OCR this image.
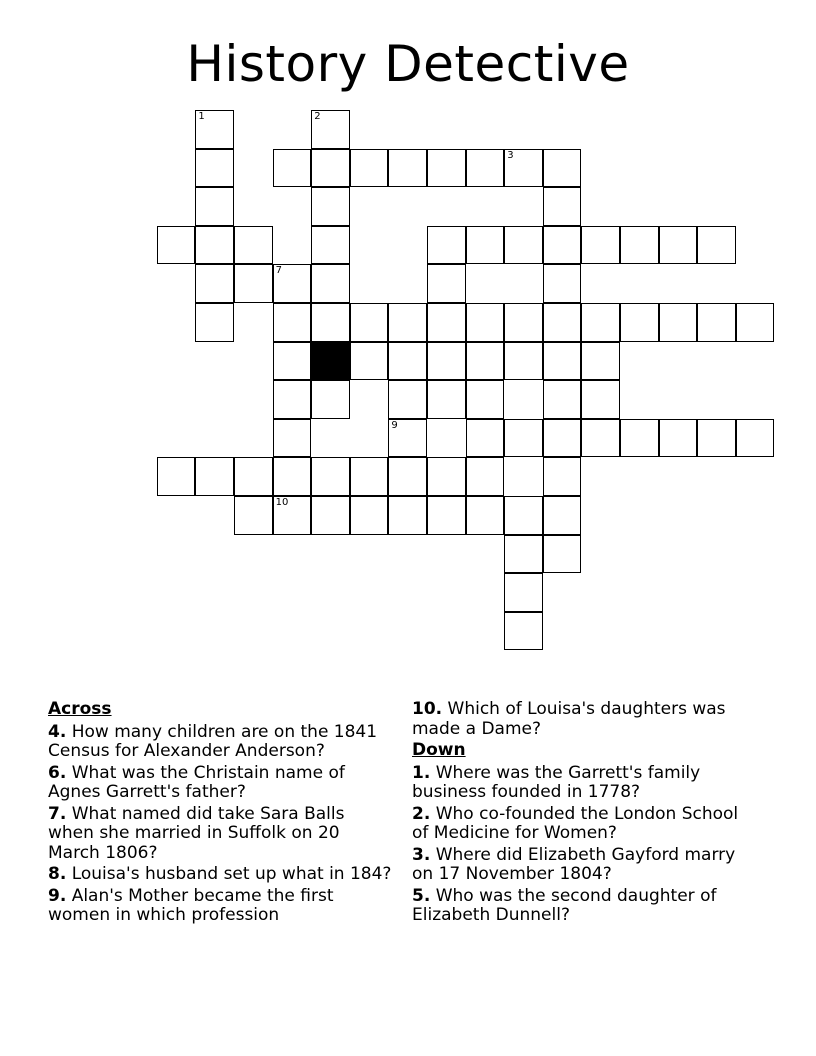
History Detective
1	2
3
9
10
7
Across
4. How many children are on the 1841 Census for Alexander Anderson?
6. What was the Christain name of Agnes Garrett's father?
7. What named did take Sara Balls when she married in Suffolk on 20 March 1806?
8. Louisa's husband set up what in 184?
9. Alan's Mother became the first women in which profession
10. Which of Louisa's daughters was made a Dame?
Down
1. Where was the Garrett's family business founded in 1778?
2. Who co-founded the London School of Medicine for Women?
3. Where did Elizabeth Gayford marry on 17 November 1804?
5. Who was the second daughter of Elizabeth Dunnell?
